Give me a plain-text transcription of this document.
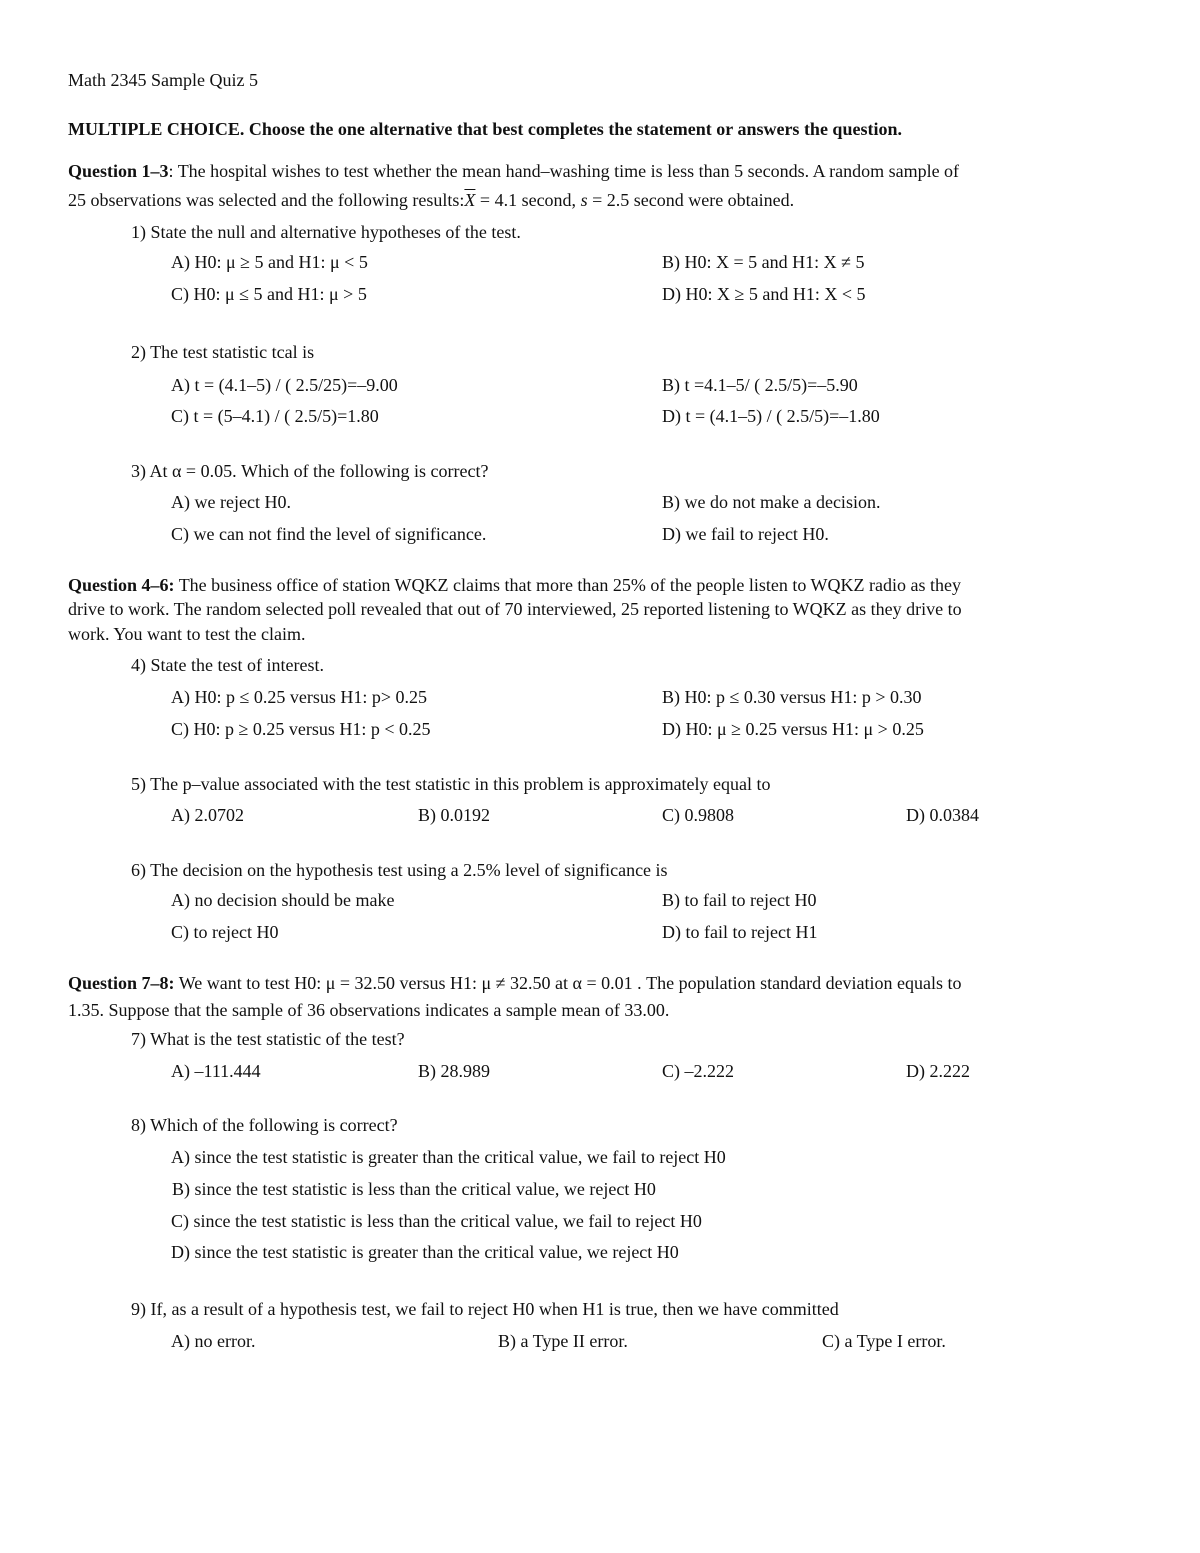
Math 2345 Sample Quiz 5
MULTIPLE CHOICE. Choose the one alternative that best completes the statement or answers the question.
Question 1–3: The hospital wishes to test whether the mean hand–washing time is less than 5 seconds. A random sample of
25 observations was selected and the following $results:\overline{X} = 4.1$ second, s = 2.5 second were obtained.
1) State the null and alternative hypotheses of the test.
A) H0: μ ≥ 5 and H1: μ < 5	B) H0: X = 5 and H1: X ≠ 5
C) H0: μ ≤ 5 and H1: μ > 5	D) H0: X ≥ 5 and H1: X < 5
2) The test statistic tcal is
A) t = (4.1–5) / ( 2.5/25)=–9.00	B) t =4.1–5/ ( 2.5/5)=–5.90
C) t = (5–4.1) / ( 2.5/5)=1.80	D) t = (4.1–5) / ( 2.5/5)=–1.80
3) At α = 0.05. Which of the following is correct?
A) we reject H0.	B) we do not make a decision.
C) we can not find the level of significance.	D) we fail to reject H0.
Question 4–6: The business office of station WQKZ claims that more than 25% of the people listen to WQKZ radio as they
drive to work. The random selected poll revealed that out of 70 interviewed, 25 reported listening to WQKZ as they drive to
work. You want to test the claim.
4) State the test of interest.
A) H0: p ≤ 0.25 versus H1: p> 0.25	B) H0: p ≤ 0.30 versus H1: p > 0.30
C) H0: p ≥ 0.25 versus H1: p < 0.25	D) H0: μ ≥ 0.25 versus H1: μ > 0.25
5) The p–value associated with the test statistic in this problem is approximately equal to
A) 2.0702	B) 0.0192	C) 0.9808	D) 0.0384
6) The decision on the hypothesis test using a 2.5% level of significance is
A) no decision should be make	B) to fail to reject H0
C) to reject H0	D) to fail to reject H1
Question 7–8: We want to test H0: μ = 32.50 versus H1: μ ≠ 32.50 at α = 0.01 . The population standard deviation equals to
1.35. Suppose that the sample of 36 observations indicates a sample mean of 33.00.
7) What is the test statistic of the test?
A) –111.444	B) 28.989	C) –2.222	D) 2.222
8) Which of the following is correct?
A) since the test statistic is greater than the critical value, we fail to reject H0
B) since the test statistic is less than the critical value, we reject H0
C) since the test statistic is less than the critical value, we fail to reject H0
D) since the test statistic is greater than the critical value, we reject H0
9) If, as a result of a hypothesis test, we fail to reject H0 when H1 is true, then we have committed
A) no error.	B) a Type II error.	C) a Type I error.
